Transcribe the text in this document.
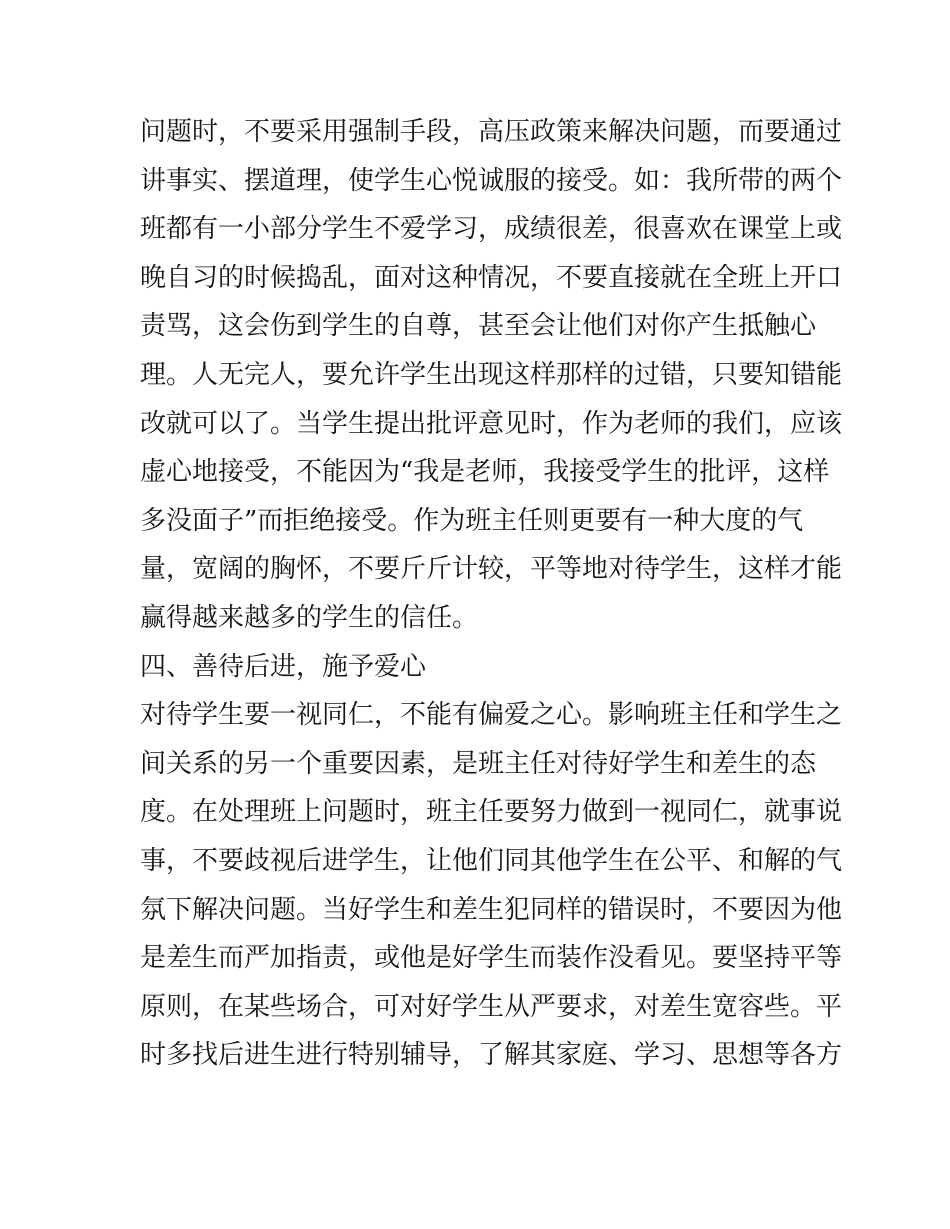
问题时，不要采用强制手段，高压政策来解决问题，而要通过
讲事实、摆道理，使学生心悦诚服的接受。如：我所带的两个
班都有一小部分学生不爱学习，成绩很差，很喜欢在课堂上或
晚自习的时候捣乱，面对这种情况，不要直接就在全班上开口
责骂，这会伤到学生的自尊，甚至会让他们对你产生抵触心
理。人无完人，要允许学生出现这样那样的过错，只要知错能
改就可以了。当学生提出批评意见时，作为老师的我们，应该
虚心地接受，不能因为“我是老师，我接受学生的批评，这样
多没面子”而拒绝接受。作为班主任则更要有一种大度的气
量，宽阔的胸怀，不要斤斤计较，平等地对待学生，这样才能
赢得越来越多的学生的信任。
四、善待后进，施予爱心
对待学生要一视同仁，不能有偏爱之心。影响班主任和学生之
间关系的另一个重要因素，是班主任对待好学生和差生的态
度。在处理班上问题时，班主任要努力做到一视同仁，就事说
事，不要歧视后进学生，让他们同其他学生在公平、和解的气
氛下解决问题。当好学生和差生犯同样的错误时，不要因为他
是差生而严加指责，或他是好学生而装作没看见。要坚持平等
原则，在某些场合，可对好学生从严要求，对差生宽容些。平
时多找后进生进行特别辅导，了解其家庭、学习、思想等各方
